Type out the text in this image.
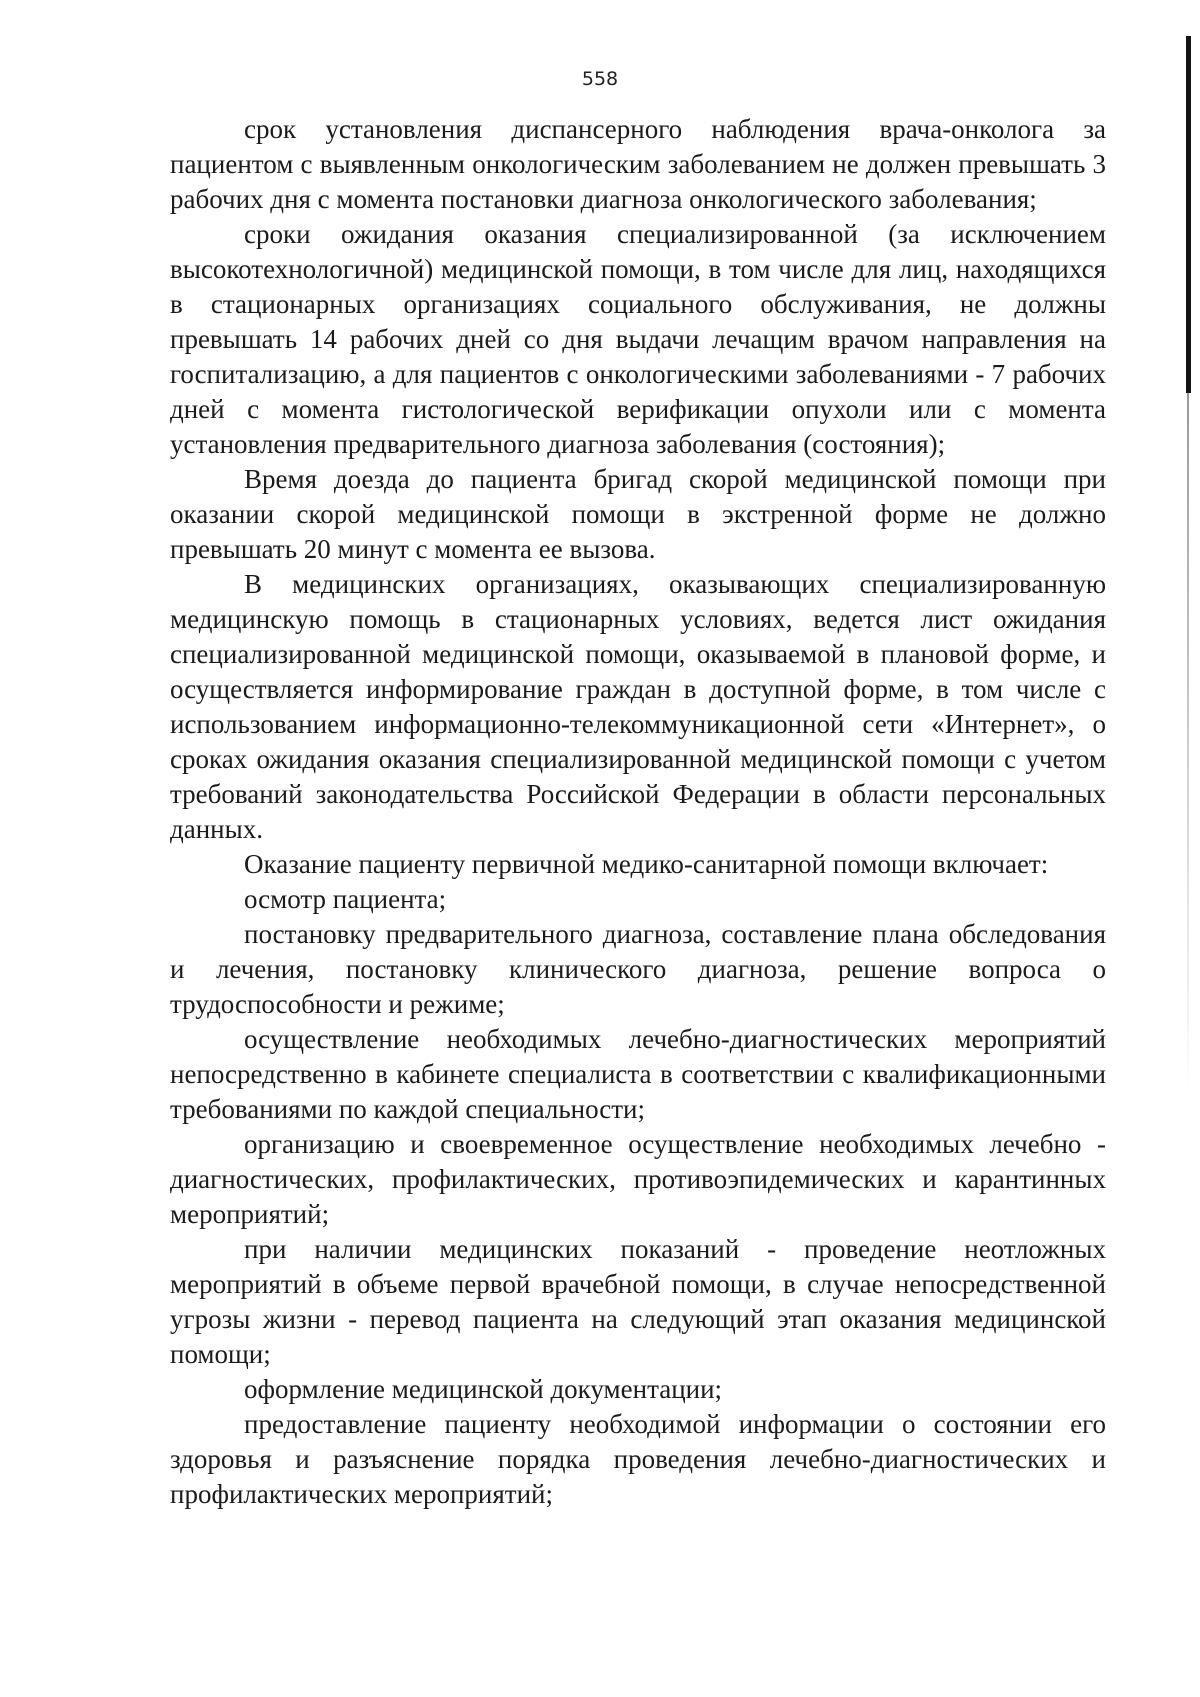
558

срок установления диспансерного наблюдения врача-онколога за пациентом с выявленным онкологическим заболеванием не должен превышать 3 рабочих дня с момента постановки диагноза онкологического заболевания;

сроки ожидания оказания специализированной (за исключением высокотехнологичной) медицинской помощи, в том числе для лиц, находящихся в стационарных организациях социального обслуживания, не должны превышать 14 рабочих дней со дня выдачи лечащим врачом направления на госпитализацию, а для пациентов с онкологическими заболеваниями - 7 рабочих дней с момента гистологической верификации опухоли или с момента установления предварительного диагноза заболевания (состояния);

Время доезда до пациента бригад скорой медицинской помощи при оказании скорой медицинской помощи в экстренной форме не должно превышать 20 минут с момента ее вызова.

В медицинских организациях, оказывающих специализированную медицинскую помощь в стационарных условиях, ведется лист ожидания специализированной медицинской помощи, оказываемой в плановой форме, и осуществляется информирование граждан в доступной форме, в том числе с использованием информационно-телекоммуникационной сети «Интернет», о сроках ожидания оказания специализированной медицинской помощи с учетом требований законодательства Российской Федерации в области персональных данных.

Оказание пациенту первичной медико-санитарной помощи включает:

осмотр пациента;

постановку предварительного диагноза, составление плана обследования и лечения, постановку клинического диагноза, решение вопроса о трудоспособности и режиме;

осуществление необходимых лечебно-диагностических мероприятий непосредственно в кабинете специалиста в соответствии с квалификационными требованиями по каждой специальности;

организацию и своевременное осуществление необходимых лечебно - диагностических, профилактических, противоэпидемических и карантинных мероприятий;

при наличии медицинских показаний - проведение неотложных мероприятий в объеме первой врачебной помощи, в случае непосредственной угрозы жизни - перевод пациента на следующий этап оказания медицинской помощи;

оформление медицинской документации;

предоставление пациенту необходимой информации о состоянии его здоровья и разъяснение порядка проведения лечебно-диагностических и профилактических мероприятий;
